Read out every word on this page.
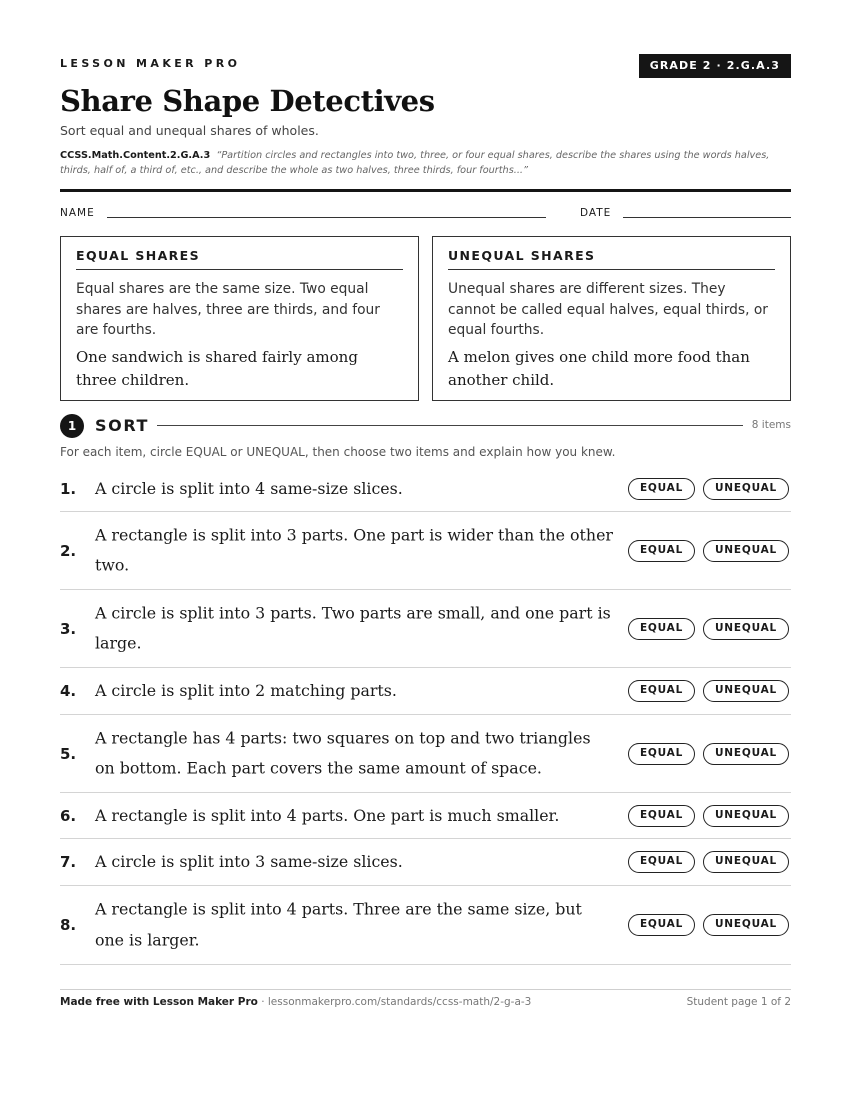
LESSON MAKER PRO	GRADE 2 · 2.G.A.3
Share Shape Detectives
Sort equal and unequal shares of wholes.
CCSS.Math.Content.2.G.A.3 “Partition circles and rectangles into two, three, or four equal shares, describe the shares using the words halves, thirds, half of, a third of, etc., and describe the whole as two halves, three thirds, four fourths...”
NAME	DATE
EQUAL SHARES
Equal shares are the same size. Two equal shares are halves, three are thirds, and four are fourths.
One sandwich is shared fairly among three children.
UNEQUAL SHARES
Unequal shares are different sizes. They cannot be called equal halves, equal thirds, or equal fourths.
A melon gives one child more food than another child.
1	SORT	8 items
For each item, circle EQUAL or UNEQUAL, then choose two items and explain how you knew.
1. A circle is split into 4 same-size slices.	EQUAL	UNEQUAL
2.
A rectangle is split into 3 parts. One part is wider than the other two.
EQUAL	UNEQUAL
3.
A circle is split into 3 parts. Two parts are small, and one part is large.
EQUAL	UNEQUAL
4. A circle is split into 2 matching parts.	EQUAL	UNEQUAL
5.
A rectangle has 4 parts: two squares on top and two triangles on bottom. Each part covers the same amount of space.
EQUAL	UNEQUAL
6. A rectangle is split into 4 parts. One part is much smaller.	EQUAL	UNEQUAL
7. A circle is split into 3 same-size slices.	EQUAL	UNEQUAL
8.
A rectangle is split into 4 parts. Three are the same size, but one is larger.
EQUAL	UNEQUAL
Made free with Lesson Maker Pro · lessonmakerpro.com/standards/ccss-math/2-g-a-3	Student page 1 of 2
